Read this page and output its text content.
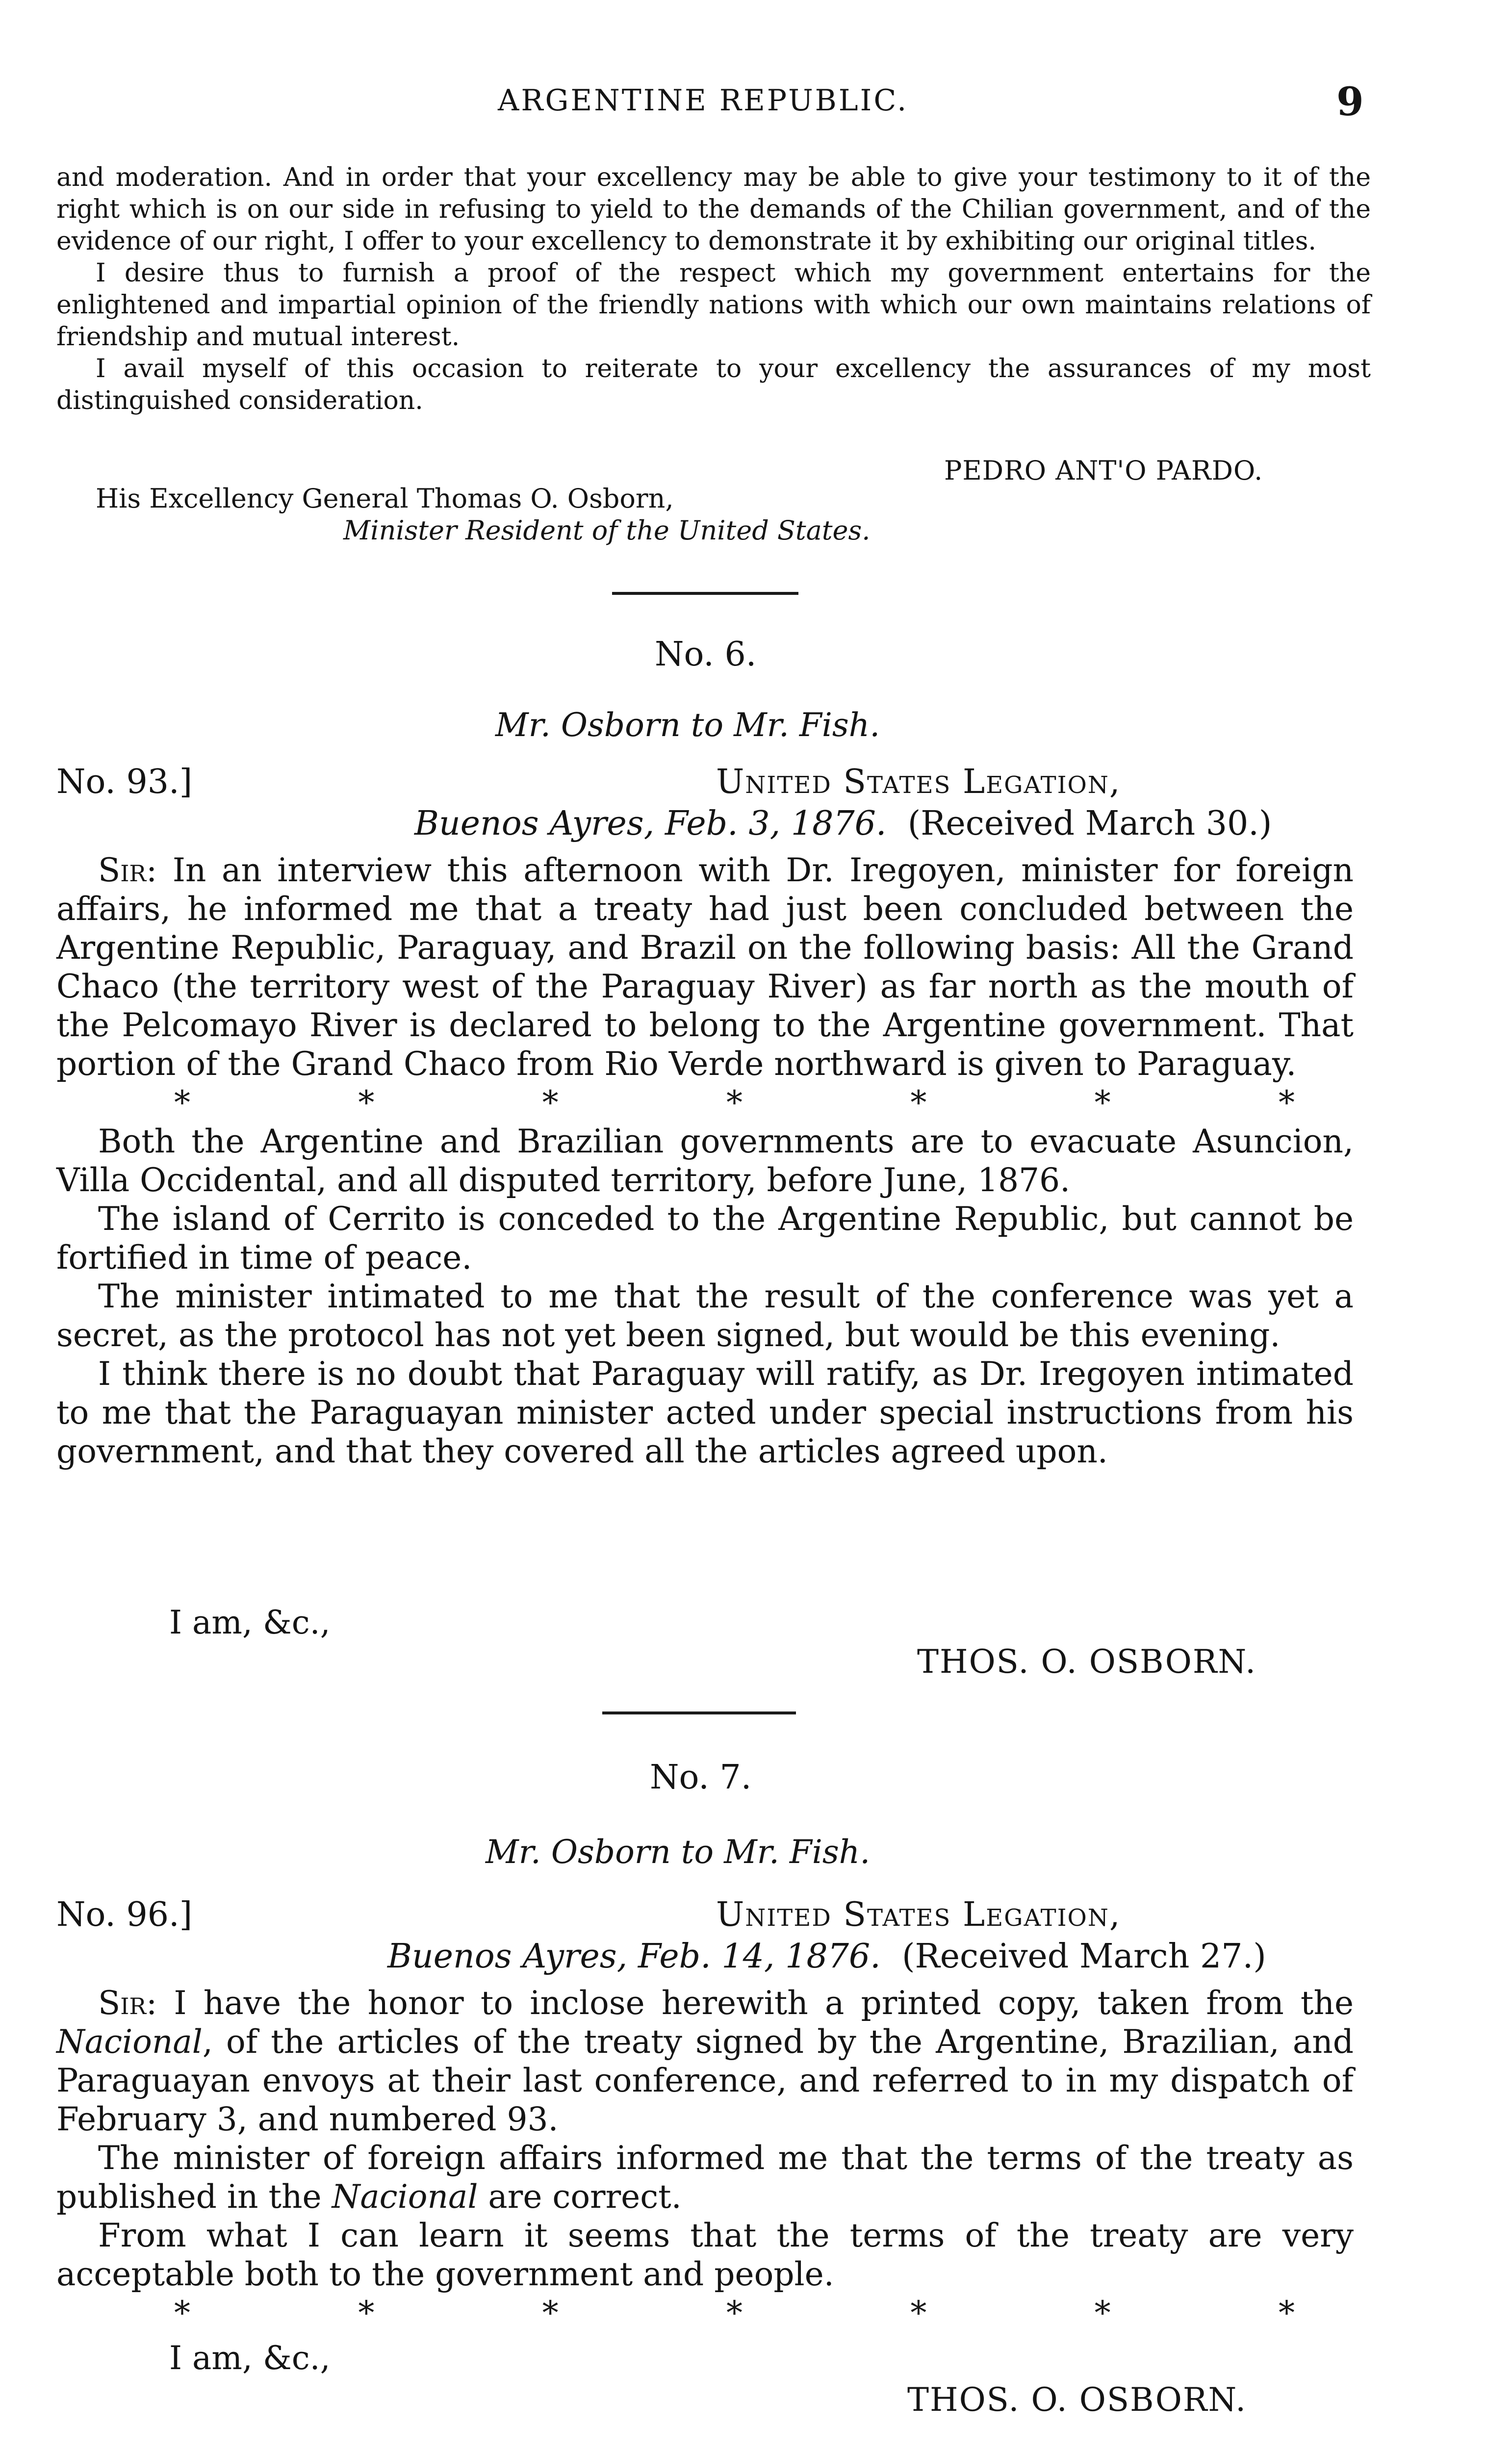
ARGENTINE REPUBLIC.	9

and moderation. And in order that your excellency may be able to give your testimony to it of the right which is on our side in refusing to yield to the demands of the Chilian government, and of the evidence of our right, I offer to your excellency to demonstrate it by exhibiting our original titles.

I desire thus to furnish a proof of the respect which my government entertains for the enlightened and impartial opinion of the friendly nations with which our own maintains relations of friendship and mutual interest.

I avail myself of this occasion to reiterate to your excellency the assurances of my most distinguished consideration.

PEDRO ANT'O PARDO.
His Excellency General Thomas O. Osborn,
Minister Resident of the United States.
No. 6.
Mr. Osborn to Mr. Fish.
No. 93.]	United States Legation,
Buenos Ayres, Feb. 3, 1876. (Received March 30.)

Sir: In an interview this afternoon with Dr. Iregoyen, minister for foreign affairs, he informed me that a treaty had just been concluded between the Argentine Republic, Paraguay, and Brazil on the following basis: All the Grand Chaco (the territory west of the Paraguay River) as far north as the mouth of the Pelcomayo River is declared to belong to the Argentine government. That portion of the Grand Chaco from Rio Verde northward is given to Paraguay.

*	*	*	*	*	*	*

Both the Argentine and Brazilian governments are to evacuate Asuncion, Villa Occidental, and all disputed territory, before June, 1876.

The island of Cerrito is conceded to the Argentine Republic, but cannot be fortified in time of peace.

The minister intimated to me that the result of the conference was yet a secret, as the protocol has not yet been signed, but would be this evening.

I think there is no doubt that Paraguay will ratify, as Dr. Iregoyen intimated to me that the Paraguayan minister acted under special instructions from his government, and that they covered all the articles agreed upon.

I am, &c.,
THOS. O. OSBORN.
No. 7.
Mr. Osborn to Mr. Fish.
No. 96.]	United States Legation,
Buenos Ayres, Feb. 14, 1876. (Received March 27.)

Sir: I have the honor to inclose herewith a printed copy, taken from the Nacional, of the articles of the treaty signed by the Argentine, Brazilian, and Paraguayan envoys at their last conference, and referred to in my dispatch of February 3, and numbered 93.

The minister of foreign affairs informed me that the terms of the treaty as published in the Nacional are correct.

From what I can learn it seems that the terms of the treaty are very acceptable both to the government and people.

*	*	*	*	*	*	*
I am, &c.,
THOS. O. OSBORN.
